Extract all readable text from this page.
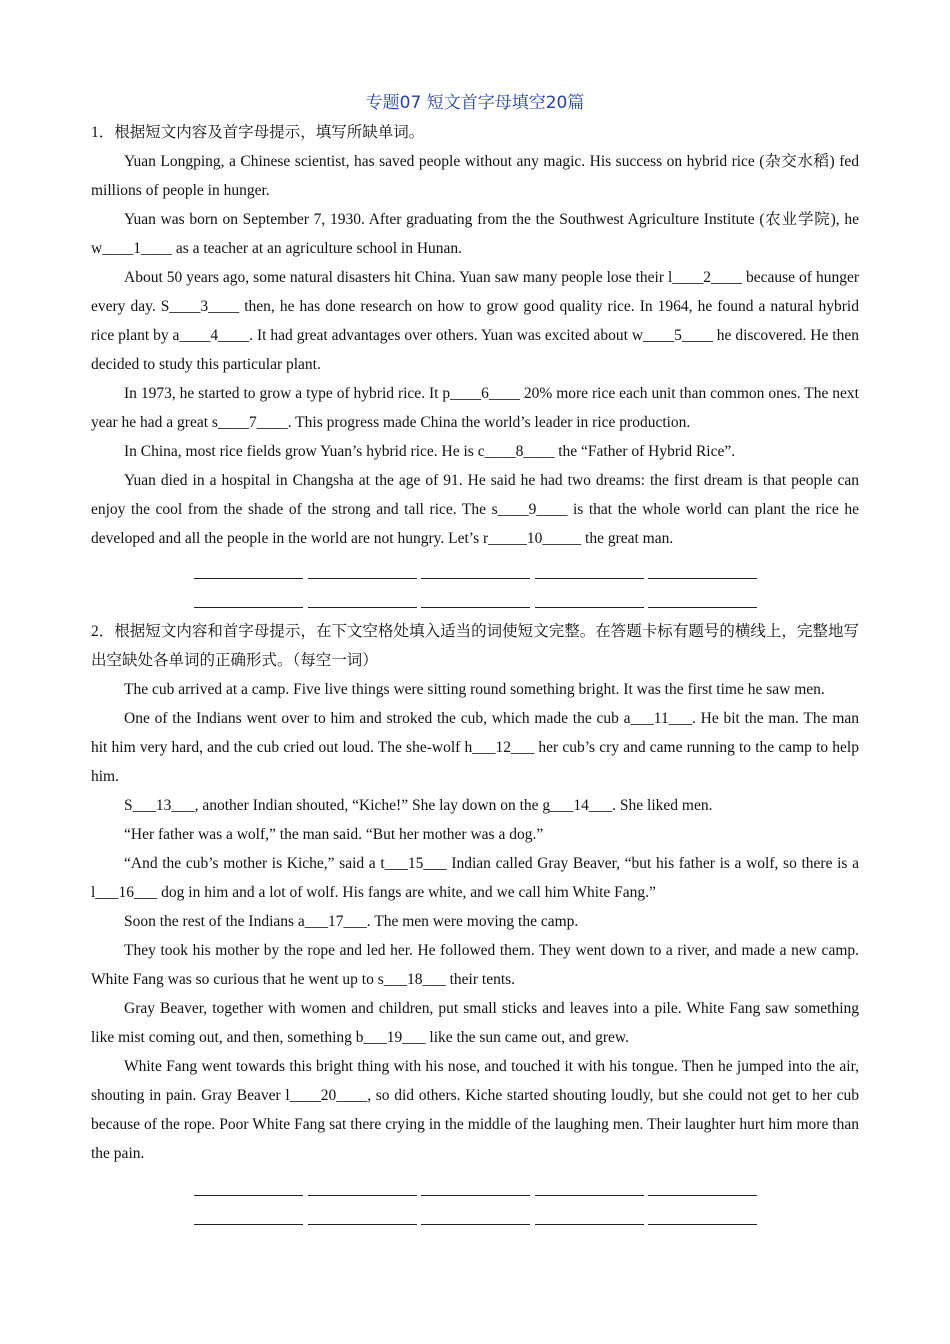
专题07 短文首字母填空20篇
1．根据短文内容及首字母提示，填写所缺单词。

Yuan Longping, a Chinese scientist, has saved people without any magic. His success on hybrid rice (杂交水稻) fed millions of people in hunger.

Yuan was born on September 7, 1930. After graduating from the the Southwest Agriculture Institute (农业学院), he w____1____ as a teacher at an agriculture school in Hunan.

About 50 years ago, some natural disasters hit China. Yuan saw many people lose their l____2____ because of hunger every day. S____3____ then, he has done research on how to grow good quality rice. In 1964, he found a natural hybrid rice plant by a____4____. It had great advantages over others. Yuan was excited about w____5____ he discovered. He then decided to study this particular plant.

In 1973, he started to grow a type of hybrid rice. It p____6____ 20% more rice each unit than common ones. The next year he had a great s____7____. This progress made China the world’s leader in rice production.

In China, most rice fields grow Yuan’s hybrid rice. He is c____8____ the “Father of Hybrid Rice”.

Yuan died in a hospital in Changsha at the age of 91. He said he had two dreams: the first dream is that people can enjoy the cool from the shade of the strong and tall rice. The s____9____ is that the whole world can plant the rice he developed and all the people in the world are not hungry. Let’s r_____10_____ the great man.

2．根据短文内容和首字母提示，在下文空格处填入适当的词使短文完整。在答题卡标有题号的横线上，完整地写出空缺处各单词的正确形式。（每空一词）

The cub arrived at a camp. Five live things were sitting round something bright. It was the first time he saw men.

One of the Indians went over to him and stroked the cub, which made the cub a___11___. He bit the man. The man hit him very hard, and the cub cried out loud. The she-wolf h___12___ her cub’s cry and came running to the camp to help him.

S___13___, another Indian shouted, “Kiche!” She lay down on the g___14___. She liked men.

“Her father was a wolf,” the man said. “But her mother was a dog.”

“And the cub’s mother is Kiche,” said a t___15___ Indian called Gray Beaver, “but his father is a wolf, so there is a l___16___ dog in him and a lot of wolf. His fangs are white, and we call him White Fang.”

Soon the rest of the Indians a___17___. The men were moving the camp.

They took his mother by the rope and led her. He followed them. They went down to a river, and made a new camp. White Fang was so curious that he went up to s___18___ their tents.

Gray Beaver, together with women and children, put small sticks and leaves into a pile. White Fang saw something like mist coming out, and then, something b___19___ like the sun came out, and grew.

White Fang went towards this bright thing with his nose, and touched it with his tongue. Then he jumped into the air, shouting in pain. Gray Beaver l____20____, so did others. Kiche started shouting loudly, but she could not get to her cub because of the rope. Poor White Fang sat there crying in the middle of the laughing men. Their laughter hurt him more than the pain.
